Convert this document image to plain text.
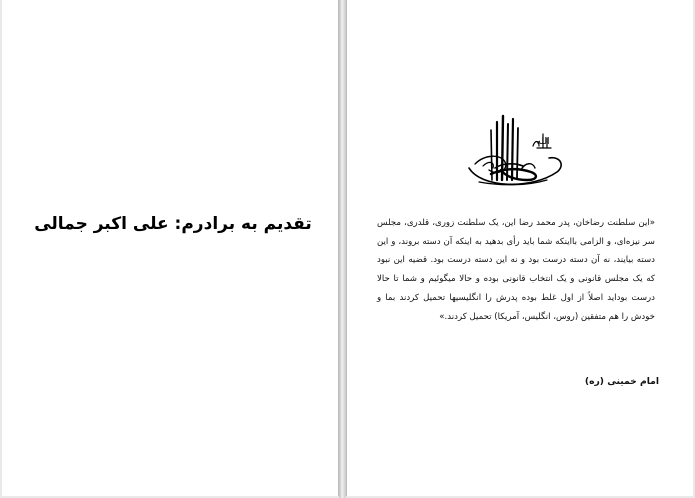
تقدیم به برادرم: علی اکبر جمالی
الله
«این سلطنت رضاخان، پدر محمد رضا این، یک سلطنت زوری، قلدری، مجلس سر نیزه‌ای، و الزامی بااینکه شما باید رأی بدهید به اینکه آن دسته بروند، و این دسته بیایند، نه آن دسته درست بود و نه این دسته درست بود. قضیه این نبود که یک مجلس قانونی و یک انتخاب قانونی بوده و حالا میگوئیم و شما تا حالا درست بود‌اید اصلاً از اول غلط بوده پدرش را انگلیسیها تحمیل کردند بما و خودش را هم متفقین (روس، انگلیس، آمریکا) تحمیل کردند.»
امام خمینی (ره)
